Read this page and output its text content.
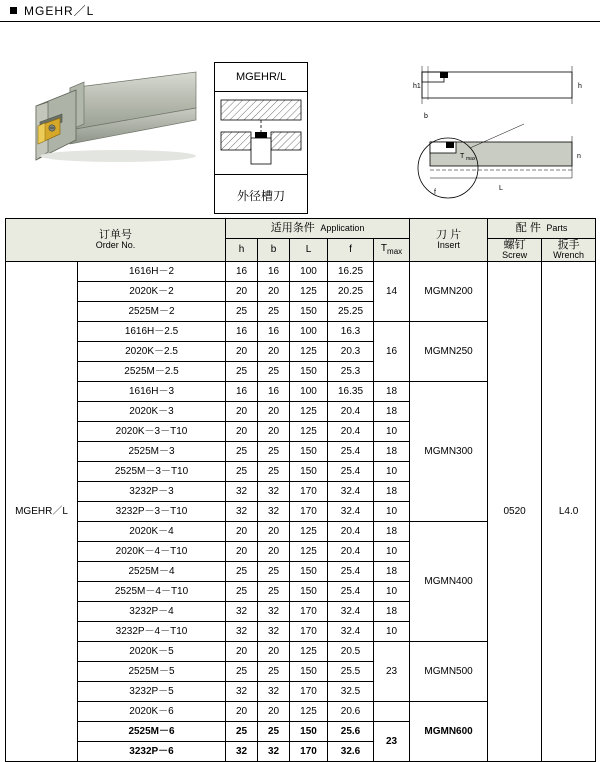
MGEHR／L
MGEHR/L
外径槽刀
h1	h
n
L
f
T max
b
订单号
Order No.
	适用条件 Application	
刀 片
Insert
	配 件 Parts
h	b	L	f	$T_{max}$	
螺钉
Screw

扳手
Wrench

MGEHR／L	1616H－2	16	16	100	16.25	14	MGMN200	0520	L4.0
	2020K－2	20	20	125	20.25				
	2525M－2	25	25	150	25.25				
	1616H－2.5	16	16	100	16.3	16	MGMN250		
	2020K－2.5	20	20	125	20.3				
	2525M－2.5	25	25	150	25.3				
	1616H－3	16	16	100	16.35	18	MGMN300		
	2020K－3	20	20	125	20.4	18			
	2020K－3－T10	20	20	125	20.4	10			
	2525M－3	25	25	150	25.4	18			
	2525M－3－T10	25	25	150	25.4	10			
	3232P－3	32	32	170	32.4	18			
	3232P－3－T10	32	32	170	32.4	10			
	2020K－4	20	20	125	20.4	18	MGMN400		
	2020K－4－T10	20	20	125	20.4	10			
	2525M－4	25	25	150	25.4	18			
	2525M－4－T10	25	25	150	25.4	10			
	3232P－4	32	32	170	32.4	18			
	3232P－4－T10	32	32	170	32.4	10			
	2020K－5	20	20	125	20.5	23	MGMN500		
	2525M－5	25	25	150	25.5				
	3232P－5	32	32	170	32.5				
	2020K－6	20	20	125	20.6		MGMN600		
	2525M－6	25	25	150	25.6	23			
	3232P－6	32	32	170	32.6				
